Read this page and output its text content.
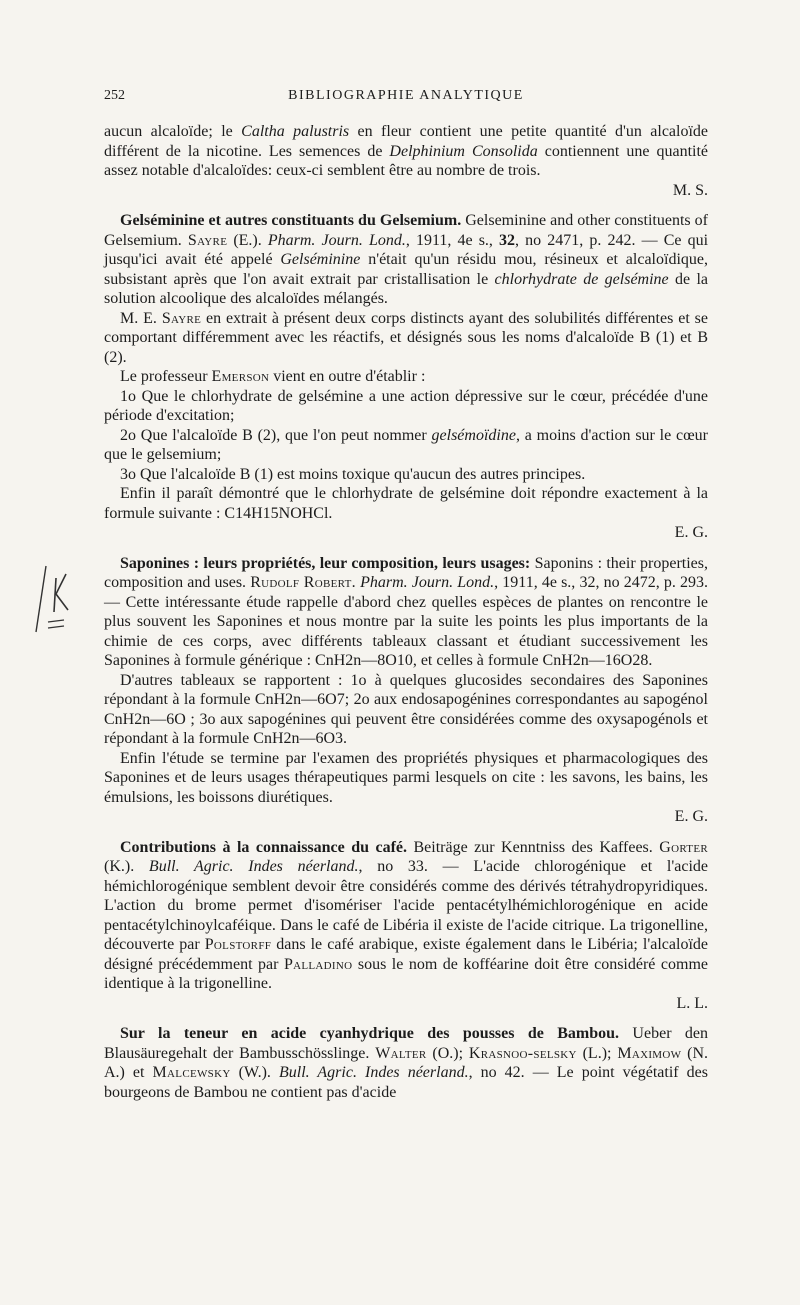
252	BIBLIOGRAPHIE ANALYTIQUE

aucun alcaloïde; le Caltha palustris en fleur contient une petite quantité d'un alcaloïde différent de la nicotine. Les semences de Delphinium Consolida contiennent une quantité assez notable d'alcaloïdes: ceux-ci semblent être au nombre de trois.
M. S.

Gelséminine et autres constituants du Gelsemium. Gelseminine and other constituents of Gelsemium. Sayre (E.). Pharm. Journ. Lond., 1911, 4e s., 32, no 2471, p. 242. — Ce qui jusqu'ici avait été appelé Gelséminine n'était qu'un résidu mou, résineux et alcaloïdique, subsistant après que l'on avait extrait par cristallisation le chlorhydrate de gelsémine de la solution alcoolique des alcaloïdes mélangés.

M. E. Sayre en extrait à présent deux corps distincts ayant des solubilités différentes et se comportant différemment avec les réactifs, et désignés sous les noms d'alcaloïde B (1) et B (2).

Le professeur Emerson vient en outre d'établir :

1o Que le chlorhydrate de gelsémine a une action dépressive sur le cœur, précédée d'une période d'excitation;

2o Que l'alcaloïde B (2), que l'on peut nommer gelsémoïdine, a moins d'action sur le cœur que le gelsemium;

3o Que l'alcaloïde B (1) est moins toxique qu'aucun des autres principes.

Enfin il paraît démontré que le chlorhydrate de gelsémine doit répondre exactement à la formule suivante : C14H15NOHCl.
E. G.

Saponines : leurs propriétés, leur composition, leurs usages: Saponins : their properties, composition and uses. Rudolf Robert. Pharm. Journ. Lond., 1911, 4e s., 32, no 2472, p. 293. — Cette intéressante étude rappelle d'abord chez quelles espèces de plantes on rencontre le plus souvent les Saponines et nous montre par la suite les points les plus importants de la chimie de ces corps, avec différents tableaux classant et étudiant successivement les Saponines à formule générique : CnH2n—8O10, et celles à formule CnH2n—16O28.

D'autres tableaux se rapportent : 1o à quelques glucosides secondaires des Saponines répondant à la formule CnH2n—6O7; 2o aux endosapogénines correspondantes au sapogénol CnH2n—6O ; 3o aux sapogénines qui peuvent être considérées comme des oxysapogénols et répondant à la formule CnH2n—6O3.

Enfin l'étude se termine par l'examen des propriétés physiques et pharmacologiques des Saponines et de leurs usages thérapeutiques parmi lesquels on cite : les savons, les bains, les émulsions, les boissons diurétiques.
E. G.

Contributions à la connaissance du café. Beiträge zur Kenntniss des Kaffees. Gorter (K.). Bull. Agric. Indes néerland., no 33. — L'acide chlorogénique et l'acide hémichlorogénique semblent devoir être considérés comme des dérivés tétrahydropyridiques. L'action du brome permet d'isomériser l'acide pentacétylhémichlorogénique en acide pentacétylchinoylcaféique. Dans le café de Libéria il existe de l'acide citrique. La trigonelline, découverte par Polstorff dans le café arabique, existe également dans le Libéria; l'alcaloïde désigné précédemment par Palladino sous le nom de kofféarine doit être considéré comme identique à la trigonelline.
L. L.

Sur la teneur en acide cyanhydrique des pousses de Bambou. Ueber den Blausäuregehalt der Bambusschösslinge. Walter (O.); Krasnoo-selsky (L.); Maximow (N. A.) et Malcewsky (W.). Bull. Agric. Indes néerland., no 42. — Le point végétatif des bourgeons de Bambou ne contient pas d'acide
